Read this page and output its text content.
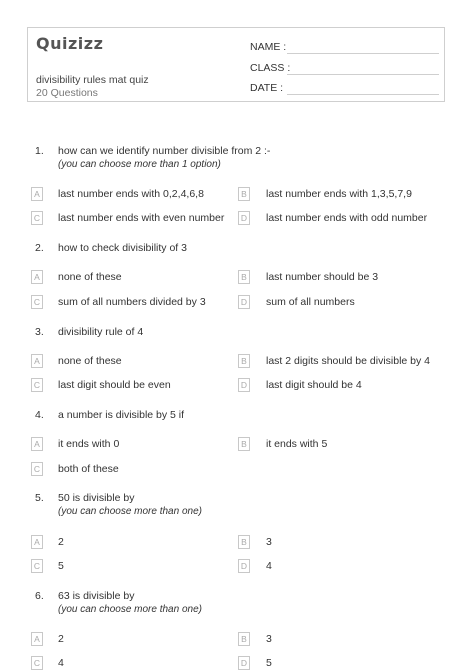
Quizizz
divisibility rules mat quiz
20 Questions
NAME :
CLASS :
DATE :
1. how can we identify number divisible from 2 :-
(you can choose more than 1 option)
A	last number ends with 0,2,4,6,8	B	last number ends with 1,3,5,7,9
C last number ends with even number	D last number ends with odd number
2. how to check divisibility of 3
A	none of these	B	last number should be 3
C sum of all numbers divided by 3	D sum of all numbers
3. divisibility rule of 4
A	none of these	B	last 2 digits should be divisible by 4
C last digit should be even	D last digit should be 4
4. a number is divisible by 5 if
A	it ends with 0	B	it ends with 5
C both of these
5. 50 is divisible by
(you can choose more than one)
A	2	B	3
C 5	D 4
6. 63 is divisible by
(you can choose more than one)
A	2	B	3
C 4	D 5
